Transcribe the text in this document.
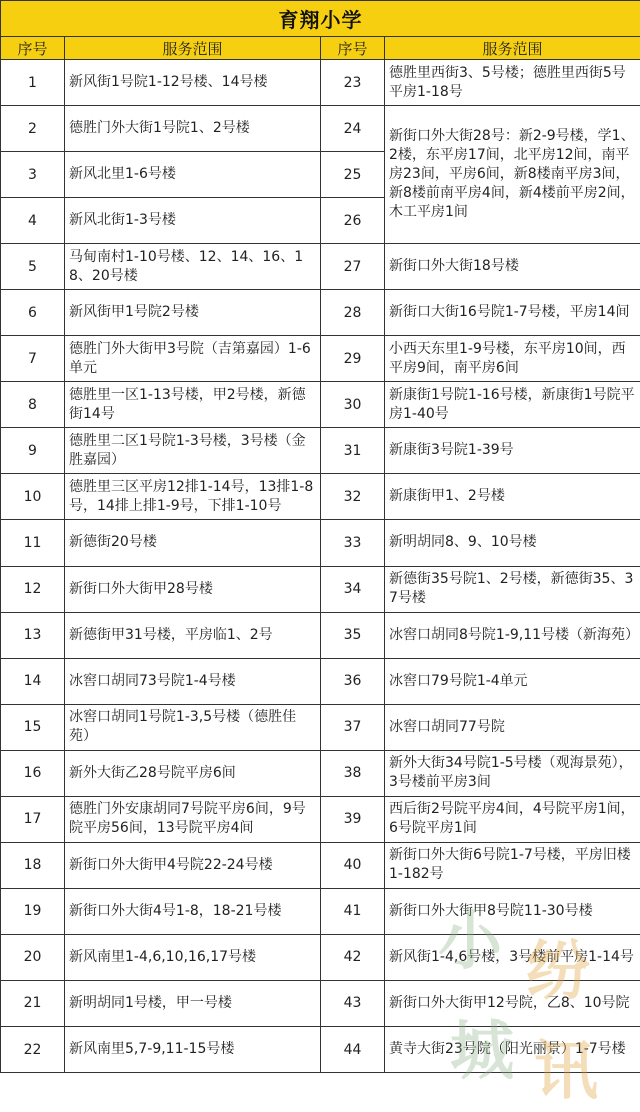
育翔小学			
序号	服务范围	序号	服务范围
1	新风街1号院1-12号楼、14号楼	23	德胜里西街3、5号楼；德胜里西街5号平房1-18号
2	德胜门外大街1号院1、2号楼	24	新街口外大街28号：新2-9号楼，学1、2楼，东平房17间，北平房12间，南平房23间，平房6间，新8楼南平房3间，新8楼前南平房4间，新4楼前平房2间，木工平房1间
3	新风北里1-6号楼	25	
4	新风北街1-3号楼	26	
5	马甸南村1-10号楼、12、14、16、18、20号楼	27	新街口外大街18号楼
6	新风街甲1号院2号楼	28	新街口大街16号院1-7号楼，平房14间
7	德胜门外大街甲3号院（吉第嘉园）1-6单元	29	小西天东里1-9号楼，东平房10间，西平房9间，南平房6间
8	德胜里一区1-13号楼，甲2号楼，新德街14号	30	新康街1号院1-16号楼，新康街1号院平房1-40号
9	德胜里二区1号院1-3号楼，3号楼（金胜嘉园）	31	新康街3号院1-39号
10	德胜里三区平房12排1-14号，13排1-8号，14排上排1-9号，下排1-10号	32	新康街甲1、2号楼
11	新德街20号楼	33	新明胡同8、9、10号楼
12	新街口外大街甲28号楼	34	新德街35号院1、2号楼，新德街35、37号楼
13	新德街甲31号楼，平房临1、2号	35	冰窖口胡同8号院1-9,11号楼（新海苑）
14	冰窖口胡同73号院1-4号楼	36	冰窖口79号院1-4单元
15	冰窖口胡同1号院1-3,5号楼（德胜佳苑）	37	冰窖口胡同77号院
16	新外大街乙28号院平房6间	38	新外大街34号院1-5号楼（观海景苑），3号楼前平房3间
17	德胜门外安康胡同7号院平房6间，9号院平房56间，13号院平房4间	39	西后街2号院平房4间，4号院平房1间，6号院平房1间
18	新街口外大街甲4号院22-24号楼	40	新街口外大街6号院1-7号楼，平房旧楼1-182号
19	新街口外大街4号1-8，18-21号楼	41	新街口外大街甲8号院11-30号楼
20	新风南里1-4,6,10,16,17号楼	42	新风街1-4,6号楼，3号楼前平房1-14号
21	新明胡同1号楼，甲一号楼	43	新街口外大街甲12号院，乙8、10号院
22	新风南里5,7-9,11-15号楼	44	黄寺大街23号院（阳光丽景）1-7号楼
小
城
纷
讯
